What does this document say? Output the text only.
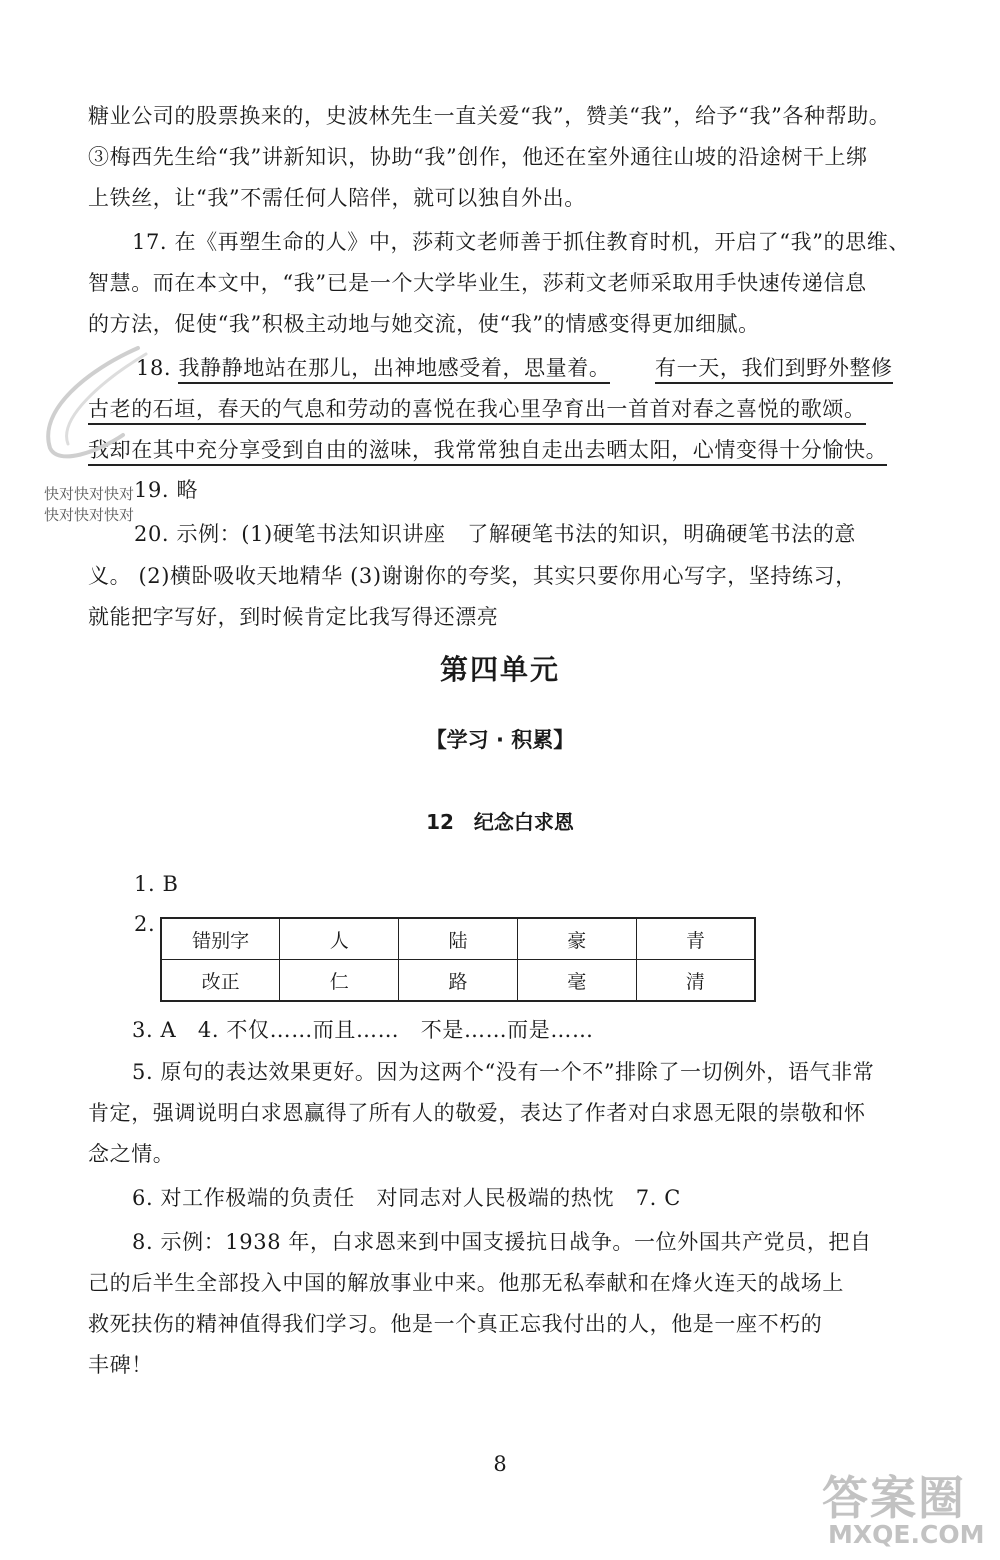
糖业公司的股票换来的，史波林先生一直关爱“我”，赞美“我”，给予“我”各种帮助。

③梅西先生给“我”讲新知识，协助“我”创作，他还在室外通往山坡的沿途树干上绑

上铁丝，让“我”不需任何人陪伴，就可以独自外出。

17. 在《再塑生命的人》中，莎莉文老师善于抓住教育时机，开启了“我”的思维、

智慧。而在本文中，“我”已是一个大学毕业生，莎莉文老师采取用手快速传递信息

的方法，促使“我”积极主动地与她交流，使“我”的情感变得更加细腻。

18. 我静静地站在那儿，出神地感受着，思量着。 有一天，我们到野外整修

古老的石垣，春天的气息和劳动的喜悦在我心里孕育出一首首对春之喜悦的歌颂。

我却在其中充分享受到自由的滋味，我常常独自走出去晒太阳，心情变得十分愉快。

快对快对快对
快对快对快对

19. 略

20. 示例：(1)硬笔书法知识讲座　了解硬笔书法的知识，明确硬笔书法的意

义。 (2)横卧吸收天地精华 (3)谢谢你的夸奖，其实只要你用心写字，坚持练习，

就能把字写好，到时候肯定比我写得还漂亮

第四单元
【学习 · 积累】
12　纪念白求恩

1. B

2.

错别字	人	陆	豪	青
改正	仁	路	毫	清

3. A　4. 不仅……而且……　不是……而是……

5. 原句的表达效果更好。因为这两个“没有一个不”排除了一切例外，语气非常

肯定，强调说明白求恩赢得了所有人的敬爱，表达了作者对白求恩无限的崇敬和怀

念之情。

6. 对工作极端的负责任　对同志对人民极端的热忱　7. C

8. 示例：1938 年，白求恩来到中国支援抗日战争。一位外国共产党员，把自

己的后半生全部投入中国的解放事业中来。他那无私奉献和在烽火连天的战场上

救死扶伤的精神值得我们学习。他是一个真正忘我付出的人，他是一座不朽的

丰碑！

8
答案圈
MXQE.COM
